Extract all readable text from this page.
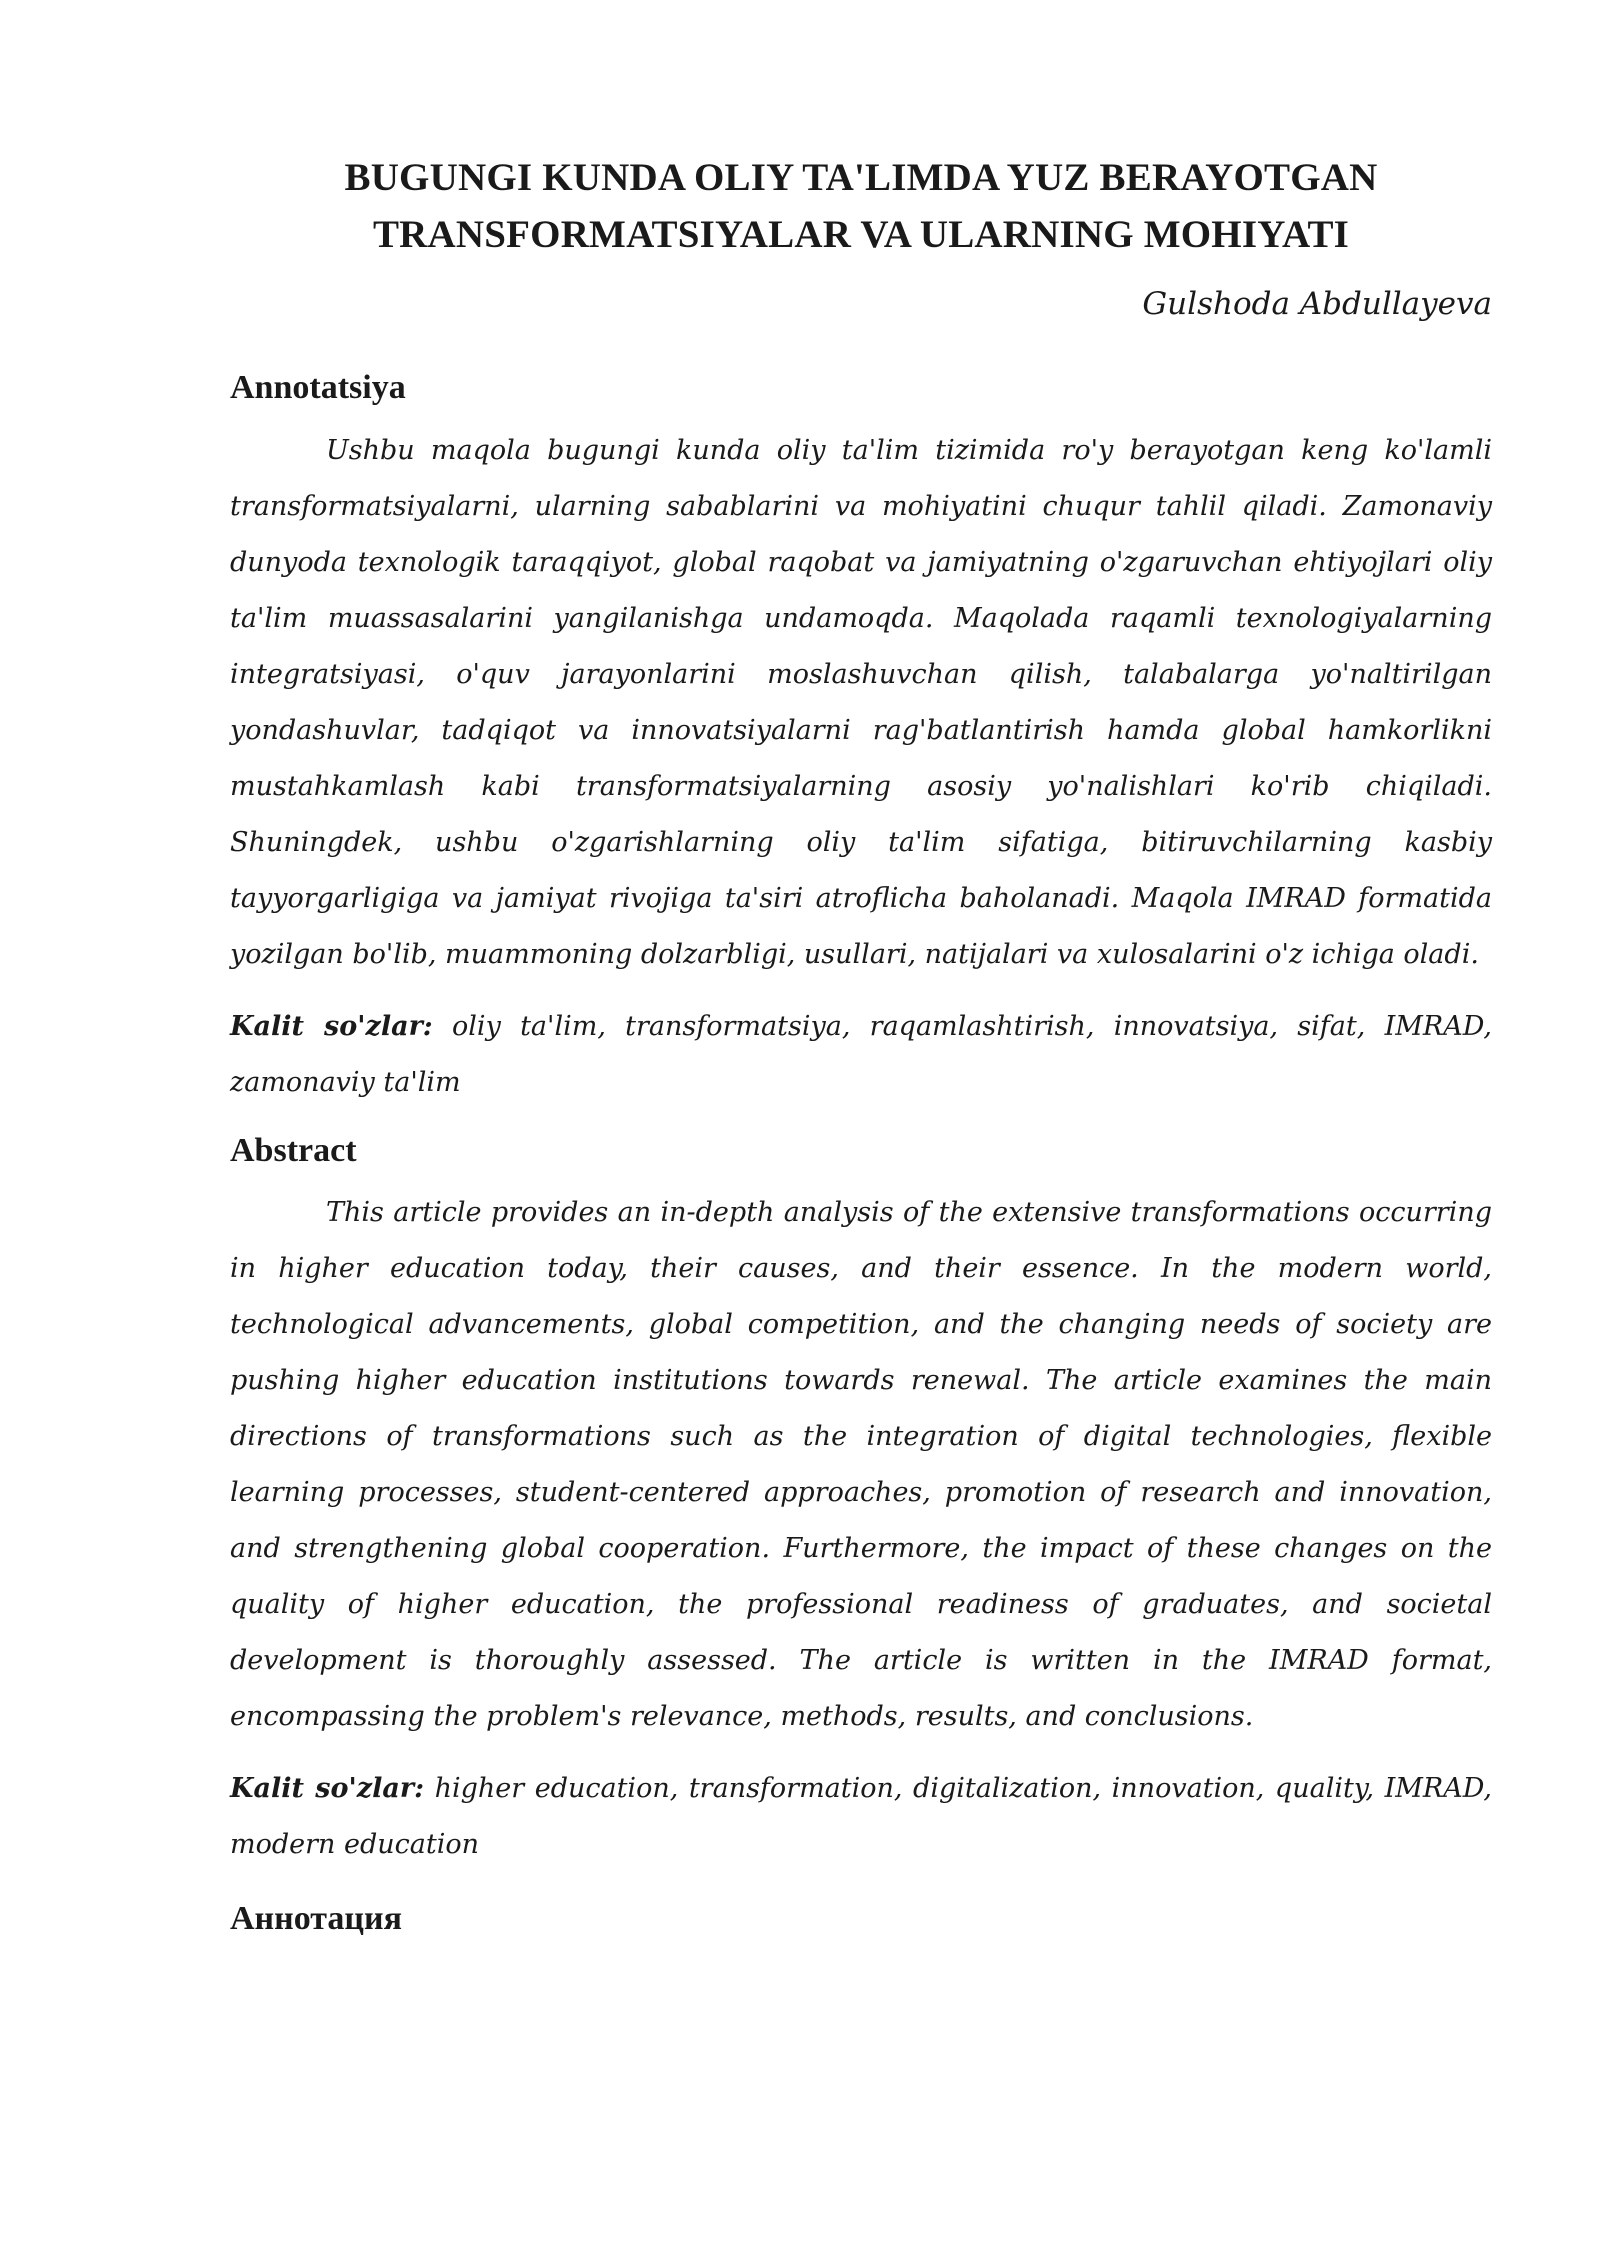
BUGUNGI KUNDA OLIY TA'LIMDA YUZ BERAYOTGAN
TRANSFORMATSIYALAR VA ULARNING MOHIYATI

Gulshoda Abdullayeva

Annotatsiya

Ushbu maqola bugungi kunda oliy ta'lim tizimida ro'y berayotgan keng ko'lamli transformatsiyalarni, ularning sabablarini va mohiyatini chuqur tahlil qiladi. Zamonaviy dunyoda texnologik taraqqiyot, global raqobat va jamiyatning o'zgaruvchan ehtiyojlari oliy ta'lim muassasalarini yangilanishga undamoqda. Maqolada raqamli texnologiyalarning integratsiyasi, o'quv jarayonlarini moslashuvchan qilish, talabalarga yo'naltirilgan yondashuvlar, tadqiqot va innovatsiyalarni rag'batlantirish hamda global hamkorlikni mustahkamlash kabi transformatsiyalarning asosiy yo'nalishlari ko'rib chiqiladi. Shuningdek, ushbu o'zgarishlarning oliy ta'lim sifatiga, bitiruvchilarning kasbiy tayyorgarligiga va jamiyat rivojiga ta'siri atroflicha baholanadi. Maqola IMRAD formatida yozilgan bo'lib, muammoning dolzarbligi, usullari, natijalari va xulosalarini o'z ichiga oladi.

Kalit so'zlar: oliy ta'lim, transformatsiya, raqamlashtirish, innovatsiya, sifat, IMRAD, zamonaviy ta'lim

Abstract

This article provides an in-depth analysis of the extensive transformations occurring in higher education today, their causes, and their essence. In the modern world, technological advancements, global competition, and the changing needs of society are pushing higher education institutions towards renewal. The article examines the main directions of transformations such as the integration of digital technologies, flexible learning processes, student-centered approaches, promotion of research and innovation, and strengthening global cooperation. Furthermore, the impact of these changes on the quality of higher education, the professional readiness of graduates, and societal development is thoroughly assessed. The article is written in the IMRAD format, encompassing the problem's relevance, methods, results, and conclusions.

Kalit so'zlar: higher education, transformation, digitalization, innovation, quality, IMRAD, modern education

Аннотация
